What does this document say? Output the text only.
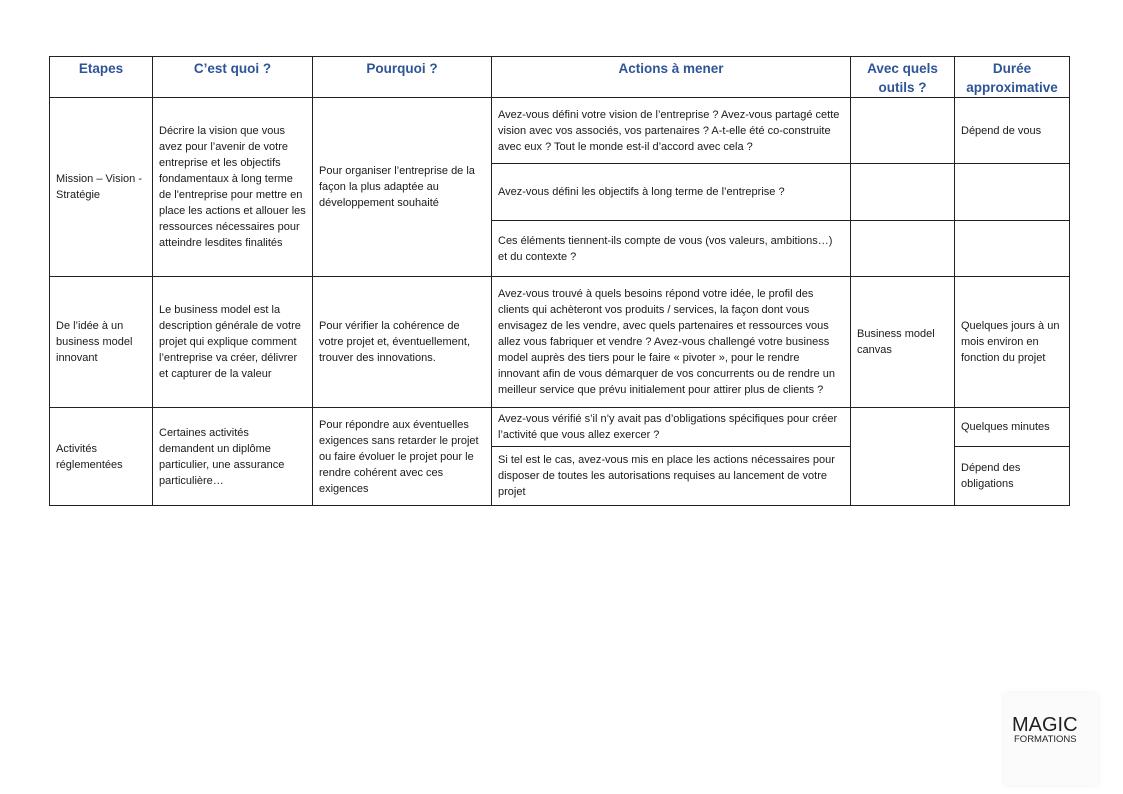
Etapes	C’est quoi ?	Pourquoi ?	Actions à mener	Avec quels outils ?	Durée approximative
Mission – Vision - Stratégie	Décrire la vision que vous avez pour l’avenir de votre entreprise et les objectifs fondamentaux à long terme de l'entreprise pour mettre en place les actions et allouer les ressources nécessaires pour atteindre lesdites finalités	Pour organiser l’entreprise de la façon la plus adaptée au développement souhaité	Avez-vous défini votre vision de l’entreprise ? Avez-vous partagé cette vision avec vos associés, vos partenaires ? A-t-elle été co-construite avec eux ? Tout le monde est-il d’accord avec cela ?		Dépend de vous
			Avez-vous défini les objectifs à long terme de l’entreprise ?		
			Ces éléments tiennent-ils compte de vous (vos valeurs, ambitions…) et du contexte ?		
De l’idée à un business model innovant	Le business model est la description générale de votre projet qui explique comment l’entreprise va créer, délivrer et capturer de la valeur	Pour vérifier la cohérence de votre projet et, éventuellement, trouver des innovations.	Avez-vous trouvé à quels besoins répond votre idée, le profil des clients qui achèteront vos produits / services, la façon dont vous envisagez de les vendre, avec quels partenaires et ressources vous allez vous fabriquer et vendre ? Avez-vous challengé votre business model auprès des tiers pour le faire « pivoter », pour le rendre innovant afin de vous démarquer de vos concurrents ou de rendre un meilleur service que prévu initialement pour attirer plus de clients ?	Business model canvas	Quelques jours à un mois environ en fonction du projet
Activités réglementées	Certaines activités demandent un diplôme particulier, une assurance particulière…	Pour répondre aux éventuelles exigences sans retarder le projet ou faire évoluer le projet pour le rendre cohérent avec ces exigences	Avez-vous vérifié s’il n’y avait pas d’obligations spécifiques pour créer l’activité que vous allez exercer ?		Quelques minutes
			Si tel est le cas, avez-vous mis en place les actions nécessaires pour disposer de toutes les autorisations requises au lancement de votre projet		Dépend des obligations
MAGIC
FORMATIONS
